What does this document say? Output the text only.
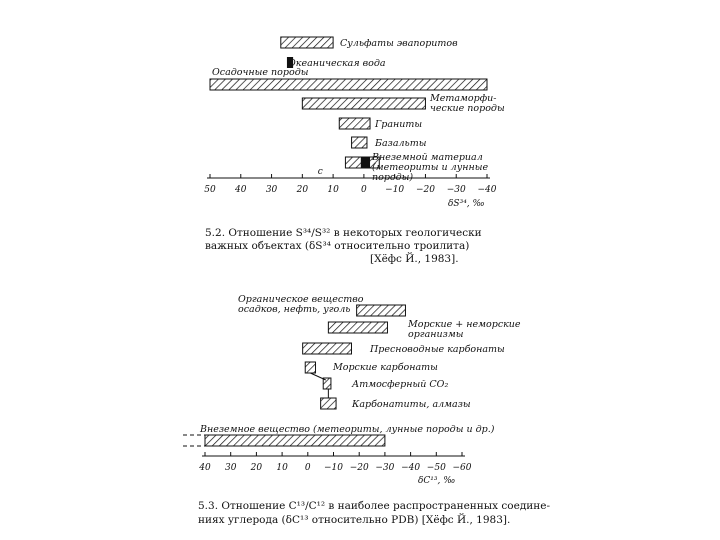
Сульфаты эвапоритов
Океаническая вода
Осадочные породы
Метаморфи-
ческие породы
Граниты
Базальты
Внеземной материал
(метеориты и лунные
породы)
50 40 30 20 10 0 −10 −20 −30 −40
с
δS³⁴, ‰
5.2. Отношение S³⁴/S³² в некоторых геологически
важных объектах (δS³⁴ относительно троилита)
[Хёфс Й., 1983].
Органическое вещество
осадков, нефть, уголь
Морские + неморские
организмы
Пресноводные карбонаты
Морские карбонаты
Атмосферный CO₂
Карбонатиты, алмазы
Внеземное вещество (метеориты, лунные породы и др.)
40 30 20 10 0 −10 −20 −30 −40 −50 −60
δC¹³, ‰
5.3. Отношение C¹³/C¹² в наиболее распространенных соедине-
ниях углерода (δC¹³ относительно PDB) [Хёфс Й., 1983].
